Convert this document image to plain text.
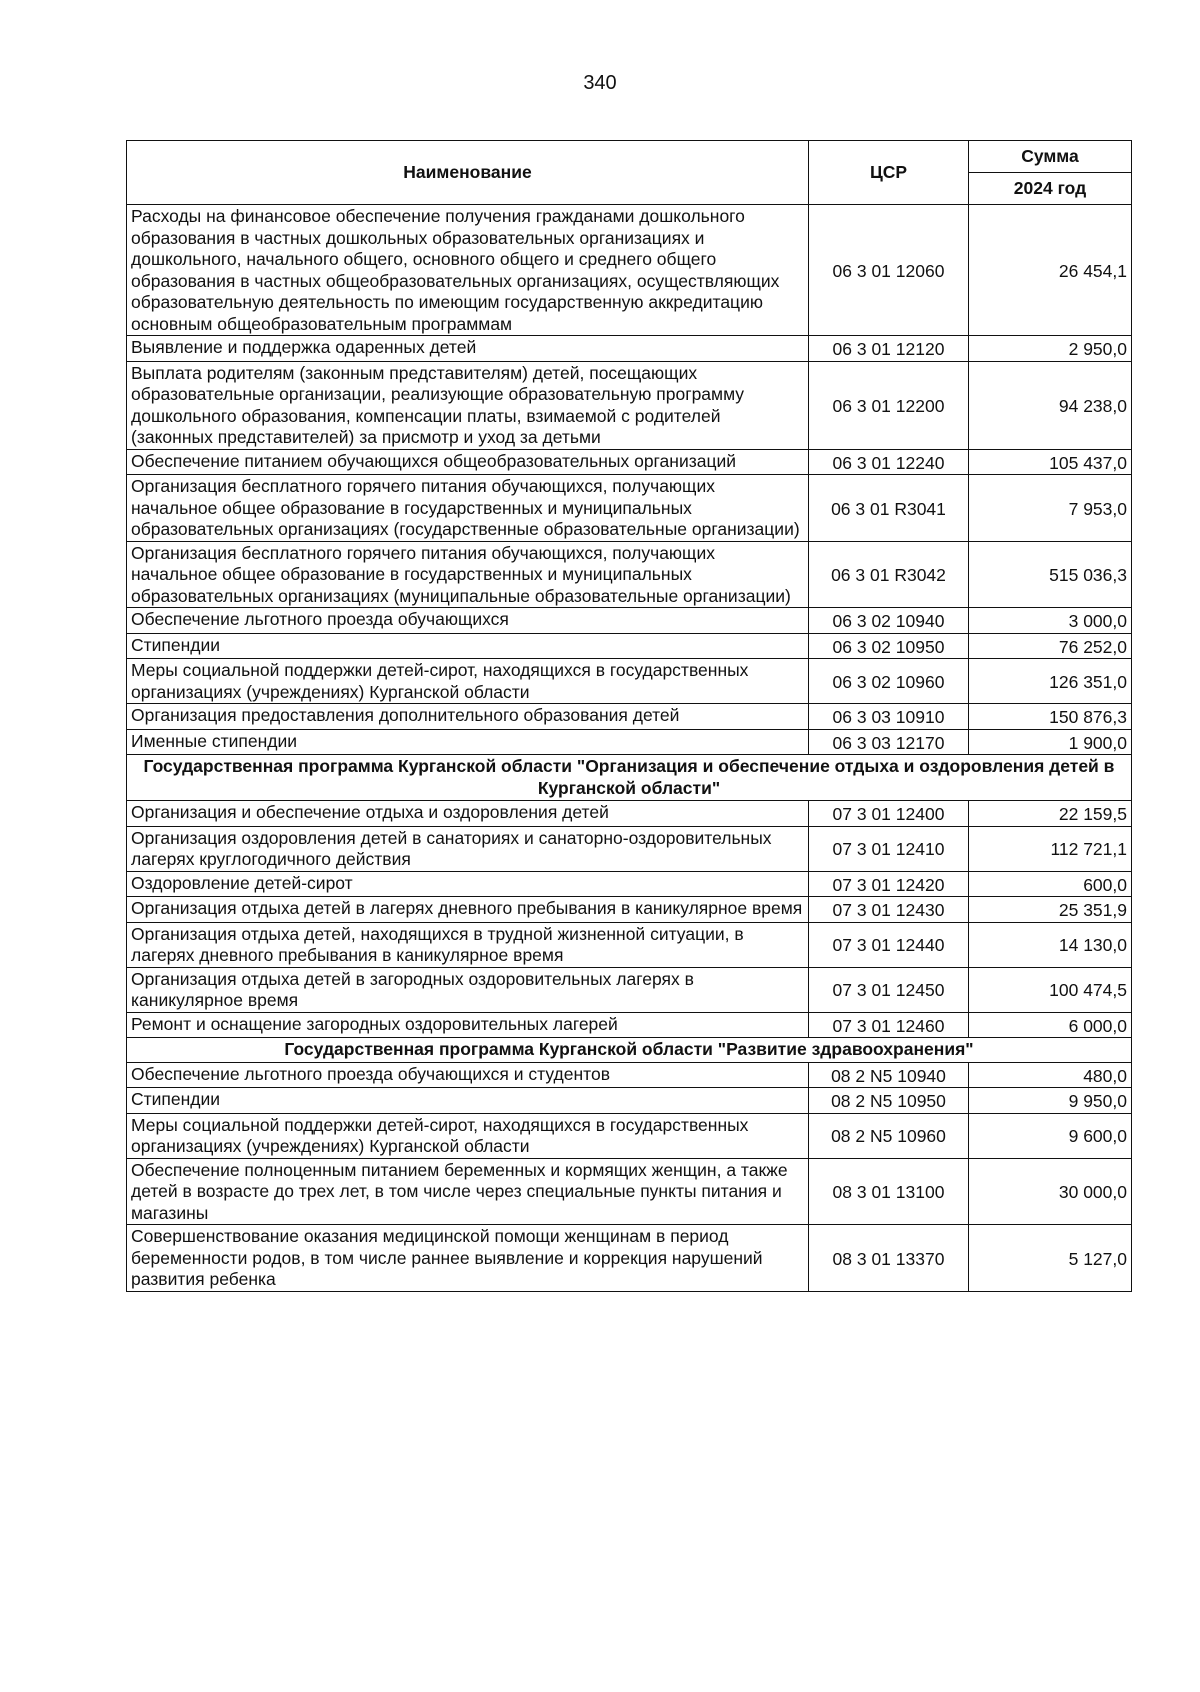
340
Наименование	ЦСР	Сумма
		2024 год
Расходы на финансовое обеспечение получения гражданами дошкольного образования в частных дошкольных образовательных организациях и дошкольного, начального общего, основного общего и среднего общего образования в частных общеобразовательных организациях, осуществляющих образовательную деятельность по имеющим государственную аккредитацию основным общеобразовательным программам	06 3 01 12060	26 454,1
Выявление и поддержка одаренных детей	06 3 01 12120	2 950,0
Выплата родителям (законным представителям) детей, посещающих образовательные организации, реализующие образовательную программу дошкольного образования, компенсации платы, взимаемой с родителей (законных представителей) за присмотр и уход за детьми	06 3 01 12200	94 238,0
Обеспечение питанием обучающихся общеобразовательных организаций	06 3 01 12240	105 437,0
Организация бесплатного горячего питания обучающихся, получающих начальное общее образование в государственных и муниципальных образовательных организациях (государственные образовательные организации)	06 3 01 R3041	7 953,0
Организация бесплатного горячего питания обучающихся, получающих начальное общее образование в государственных и муниципальных образовательных организациях (муниципальные образовательные организации)	06 3 01 R3042	515 036,3
Обеспечение льготного проезда обучающихся	06 3 02 10940	3 000,0
Стипендии	06 3 02 10950	76 252,0
Меры социальной поддержки детей-сирот, находящихся в государственных организациях (учреждениях) Курганской области	06 3 02 10960	126 351,0
Организация предоставления дополнительного образования детей	06 3 03 10910	150 876,3
Именные стипендии	06 3 03 12170	1 900,0
Государственная программа Курганской области "Организация и обеспечение отдыха и оздоровления детей в Курганской области"		
Организация и обеспечение отдыха и оздоровления детей	07 3 01 12400	22 159,5
Организация оздоровления детей в санаториях и санаторно-оздоровительных лагерях круглогодичного действия	07 3 01 12410	112 721,1
Оздоровление детей-сирот	07 3 01 12420	600,0
Организация отдыха детей в лагерях дневного пребывания в каникулярное время	07 3 01 12430	25 351,9
Организация отдыха детей, находящихся в трудной жизненной ситуации, в лагерях дневного пребывания в каникулярное время	07 3 01 12440	14 130,0
Организация отдыха детей в загородных оздоровительных лагерях в каникулярное время	07 3 01 12450	100 474,5
Ремонт и оснащение загородных оздоровительных лагерей	07 3 01 12460	6 000,0
Государственная программа Курганской области "Развитие здравоохранения"		
Обеспечение льготного проезда обучающихся и студентов	08 2 N5 10940	480,0
Стипендии	08 2 N5 10950	9 950,0
Меры социальной поддержки детей-сирот, находящихся в государственных организациях (учреждениях) Курганской области	08 2 N5 10960	9 600,0
Обеспечение полноценным питанием беременных и кормящих женщин, а также детей в возрасте до трех лет, в том числе через специальные пункты питания и магазины	08 3 01 13100	30 000,0
Совершенствование оказания медицинской помощи женщинам в период беременности родов, в том числе раннее выявление и коррекция нарушений развития ребенка	08 3 01 13370	5 127,0
